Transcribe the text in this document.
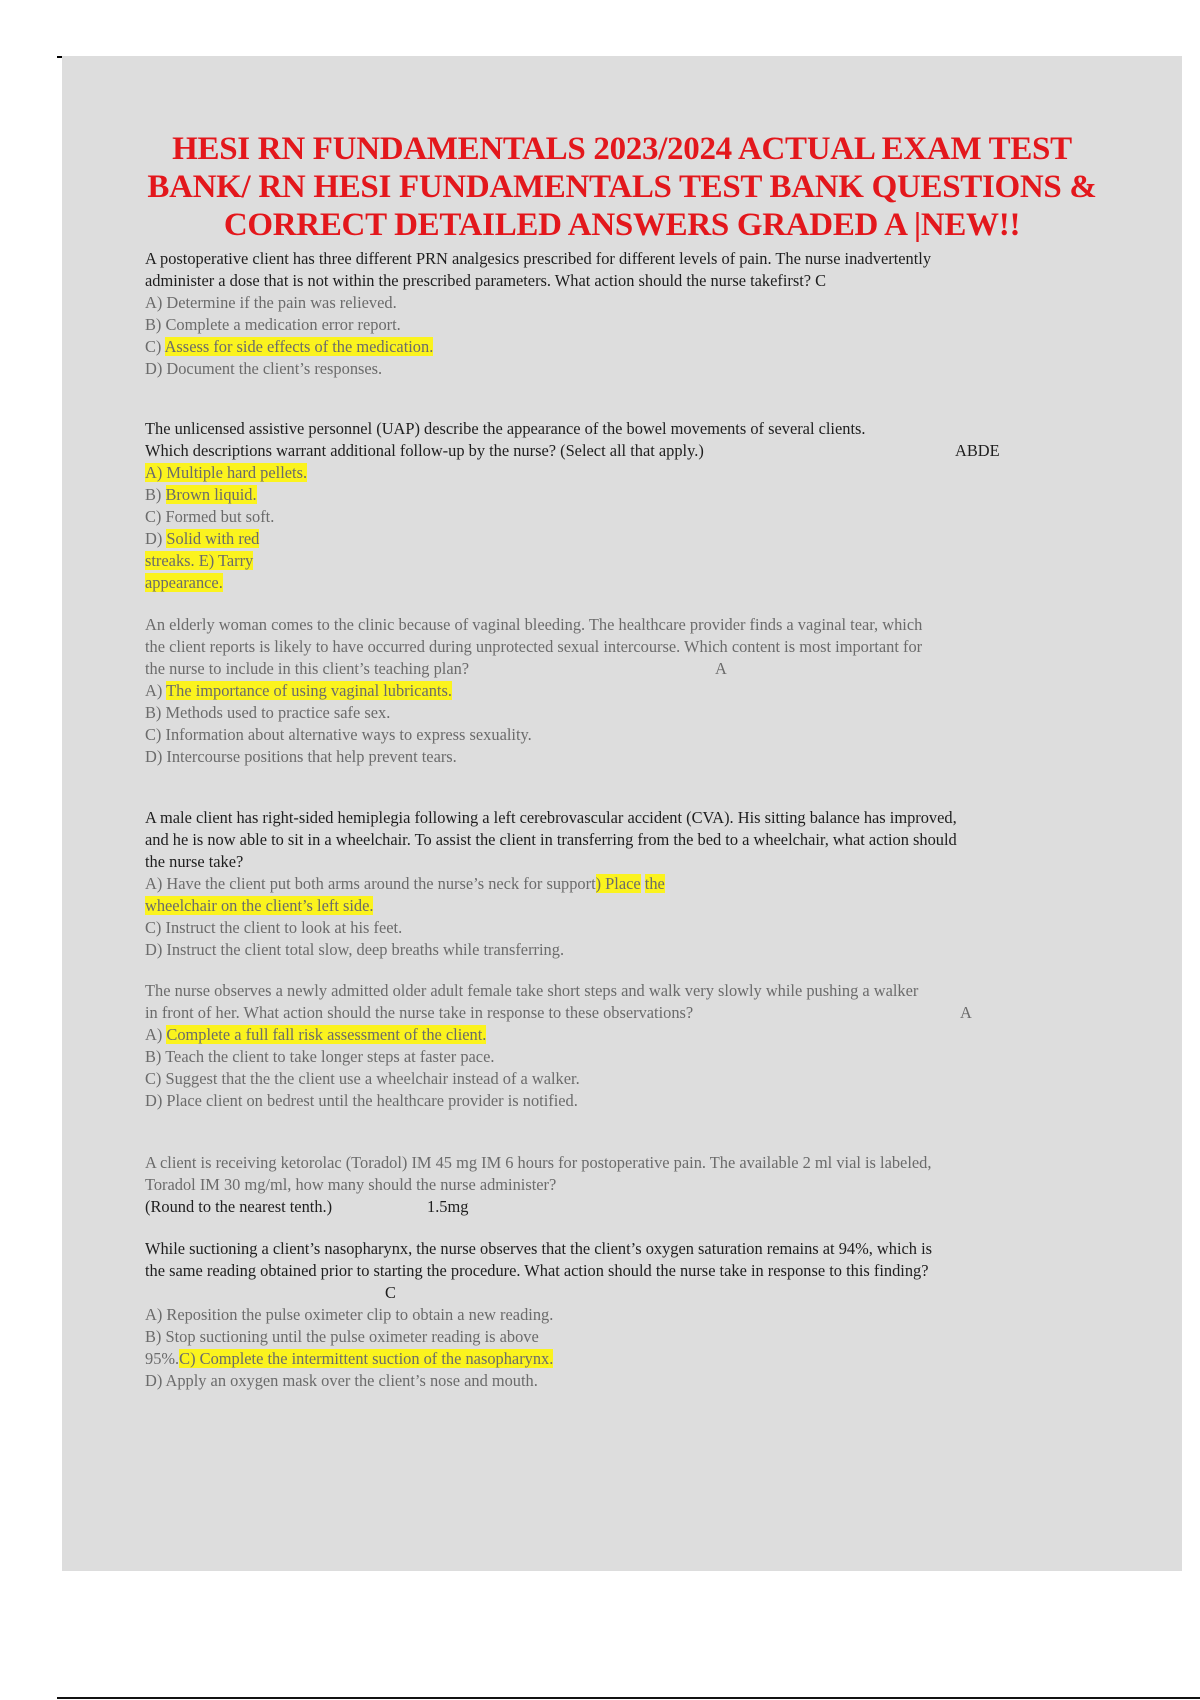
HESI RN FUNDAMENTALS 2023/2024 ACTUAL EXAM TEST
BANK/ RN HESI FUNDAMENTALS TEST BANK QUESTIONS &
CORRECT DETAILED ANSWERS GRADED A |NEW!!
A postoperative client has three different PRN analgesics prescribed for different levels of pain. The nurse inadvertently
administer a dose that is not within the prescribed parameters. What action should the nurse takefirst? C
A) Determine if the pain was relieved.
B) Complete a medication error report.
C) Assess for side effects of the medication.
D) Document the client’s responses.
The unlicensed assistive personnel (UAP) describe the appearance of the bowel movements of several clients.
Which descriptions warrant additional follow-up by the nurse? (Select all that apply.)	ABDE
A) Multiple hard pellets.
B) Brown liquid.
C) Formed but soft.
D) Solid with red
streaks. E) Tarry
appearance.
An elderly woman comes to the clinic because of vaginal bleeding. The healthcare provider finds a vaginal tear, which
the client reports is likely to have occurred during unprotected sexual intercourse. Which content is most important for
the nurse to include in this client’s teaching plan?	A
A) The importance of using vaginal lubricants.
B) Methods used to practice safe sex.
C) Information about alternative ways to express sexuality.
D) Intercourse positions that help prevent tears.
A male client has right-sided hemiplegia following a left cerebrovascular accident (CVA). His sitting balance has improved,
and he is now able to sit in a wheelchair. To assist the client in transferring from the bed to a wheelchair, what action should
the nurse take?
A) Have the client put both arms around the nurse’s neck for support) Place the
wheelchair on the client’s left side.
C) Instruct the client to look at his feet.
D) Instruct the client total slow, deep breaths while transferring.
The nurse observes a newly admitted older adult female take short steps and walk very slowly while pushing a walker
in front of her. What action should the nurse take in response to these observations?	A
A) Complete a full fall risk assessment of the client.
B) Teach the client to take longer steps at faster pace.
C) Suggest that the the client use a wheelchair instead of a walker.
D) Place client on bedrest until the healthcare provider is notified.
A client is receiving ketorolac (Toradol) IM 45 mg IM 6 hours for postoperative pain. The available 2 ml vial is labeled,
Toradol IM 30 mg/ml, how many should the nurse administer?
(Round to the nearest tenth.)	1.5mg
While suctioning a client’s nasopharynx, the nurse observes that the client’s oxygen saturation remains at 94%, which is
the same reading obtained prior to starting the procedure. What action should the nurse take in response to this finding?
C

A) Reposition the pulse oximeter clip to obtain a new reading.
B) Stop suctioning until the pulse oximeter reading is above
95%.C) Complete the intermittent suction of the nasopharynx.
D) Apply an oxygen mask over the client’s nose and mouth.
